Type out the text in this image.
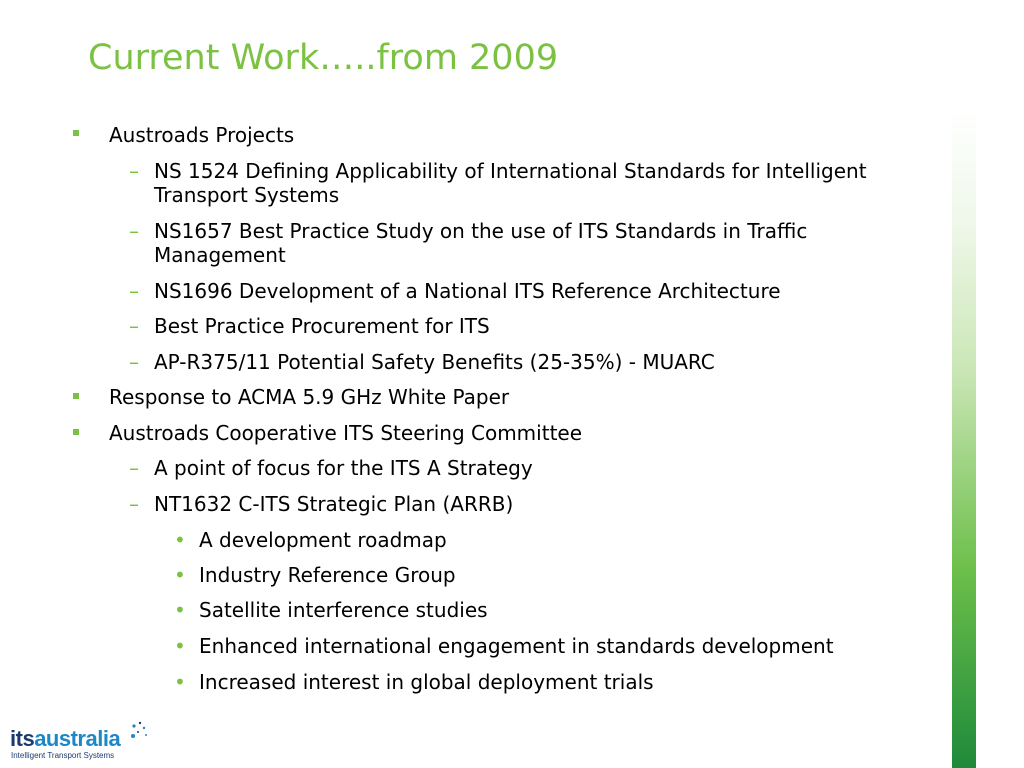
Current Work…..from 2009
Austroads Projects
– NS 1524 Defining Applicability of International Standards for Intelligent
Transport Systems
– NS1657 Best Practice Study on the use of ITS Standards in Traffic
Management
– NS1696 Development of a National ITS Reference Architecture
– Best Practice Procurement for ITS
– AP-R375/11 Potential Safety Benefits (25-35%) - MUARC
Response to ACMA 5.9 GHz White Paper
Austroads Cooperative ITS Steering Committee
– A point of focus for the ITS A Strategy
– NT1632 C-ITS Strategic Plan (ARRB)
• A development roadmap
• Industry Reference Group
• Satellite interference studies
• Enhanced international engagement in standards development
• Increased interest in global deployment trials
itsaustralia
Intelligent Transport Systems
